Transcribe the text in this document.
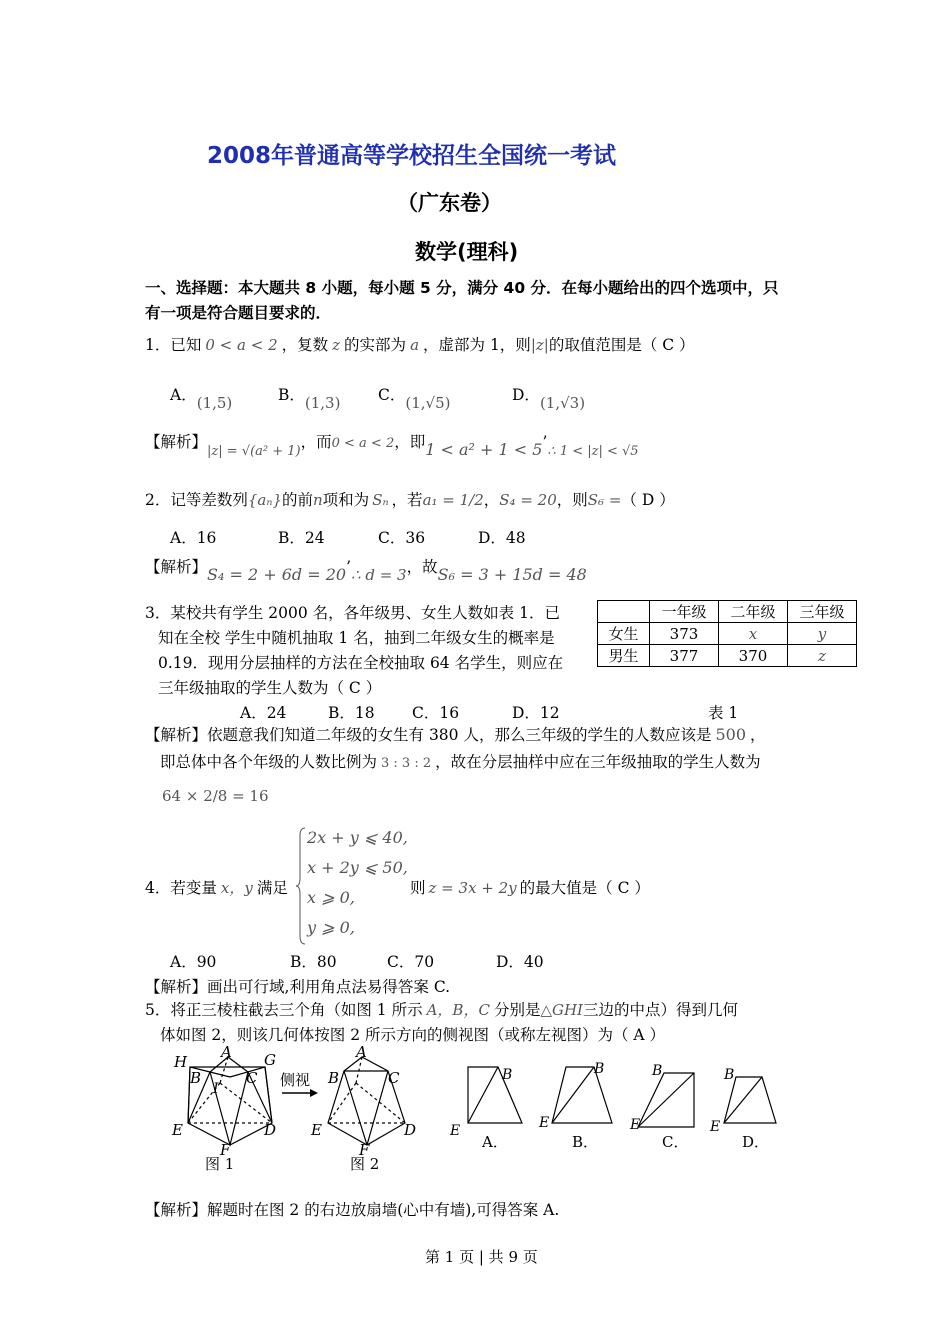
2008年普通高等学校招生全国统一考试
（广东卷）
数学(理科)
一、选择题：本大题共 8 小题，每小题 5 分，满分 40 分．在每小题给出的四个选项中，只
有一项是符合题目要求的．
1．已知 0 < a < 2 ，复数 z 的实部为 a ，虚部为 1，则|z|的取值范围是（ C ）
A．(1,5)	B．(1,3) C．(1,√5)	D．(1,√3)
【解析】$_{|z| = √(a^2 + 1)}$，而0 < a < 2，即$1 < a^2 + 1 < 5’_{\therefore 1 < |z| < √5}$
2．记等差数列{aₙ}的前n项和为 Sₙ ，若a₁ = 1/2，S₄ = 20，则S₆ =（ D ）
A．16	B．24	C．36	D．48
【解析】S₄ = 2 + 6d = 20’∴ d = 3，故S₆ = 3 + 15d = 48
3．某校共有学生 2000 名，各年级男、女生人数如表 1．已
知在全校 学生中随机抽取 1 名，抽到二年级女生的概率是
0.19．现用分层抽样的方法在全校抽取 64 名学生，则应在
三年级抽取的学生人数为（ C ）
	一年级	二年级	三年级
女生	373	x	y
男生	377	370	z
A．24	B．18 C．16	D．12	表 1
【解析】依题意我们知道二年级的女生有 380 人，那么三年级的学生的人数应该是 500 ，
即总体中各个年级的人数比例为 3 : 3 : 2 ，故在分层抽样中应在三年级抽取的学生人数为
64 × 2/8 = 16
4．若变量 x，y 满足
2x + y ⩽ 40,
x + 2y ⩽ 50,
x ⩾ 0,
y ⩾ 0,
则 z = 3x + 2y 的最大值是（ C ）
A．90	B．80	C．70	D．40
【解析】画出可行域,利用角点法易得答案 C.
5．将正三棱柱截去三个角（如图 1 所示 A，B，C 分别是△GHI三边的中点）得到几何
体如图 2，则该几何体按图 2 所示方向的侧视图（或称左视图）为（ A ）
H
A G
B	C
I
E
F
D
图 1
侧视
A
B	C
E
F
D
图 2
B
E
A．
B
E
B．
B
E
C．
B
E
D．
【解析】解题时在图 2 的右边放扇墙(心中有墙),可得答案 A.
第 1 页 | 共 9 页
